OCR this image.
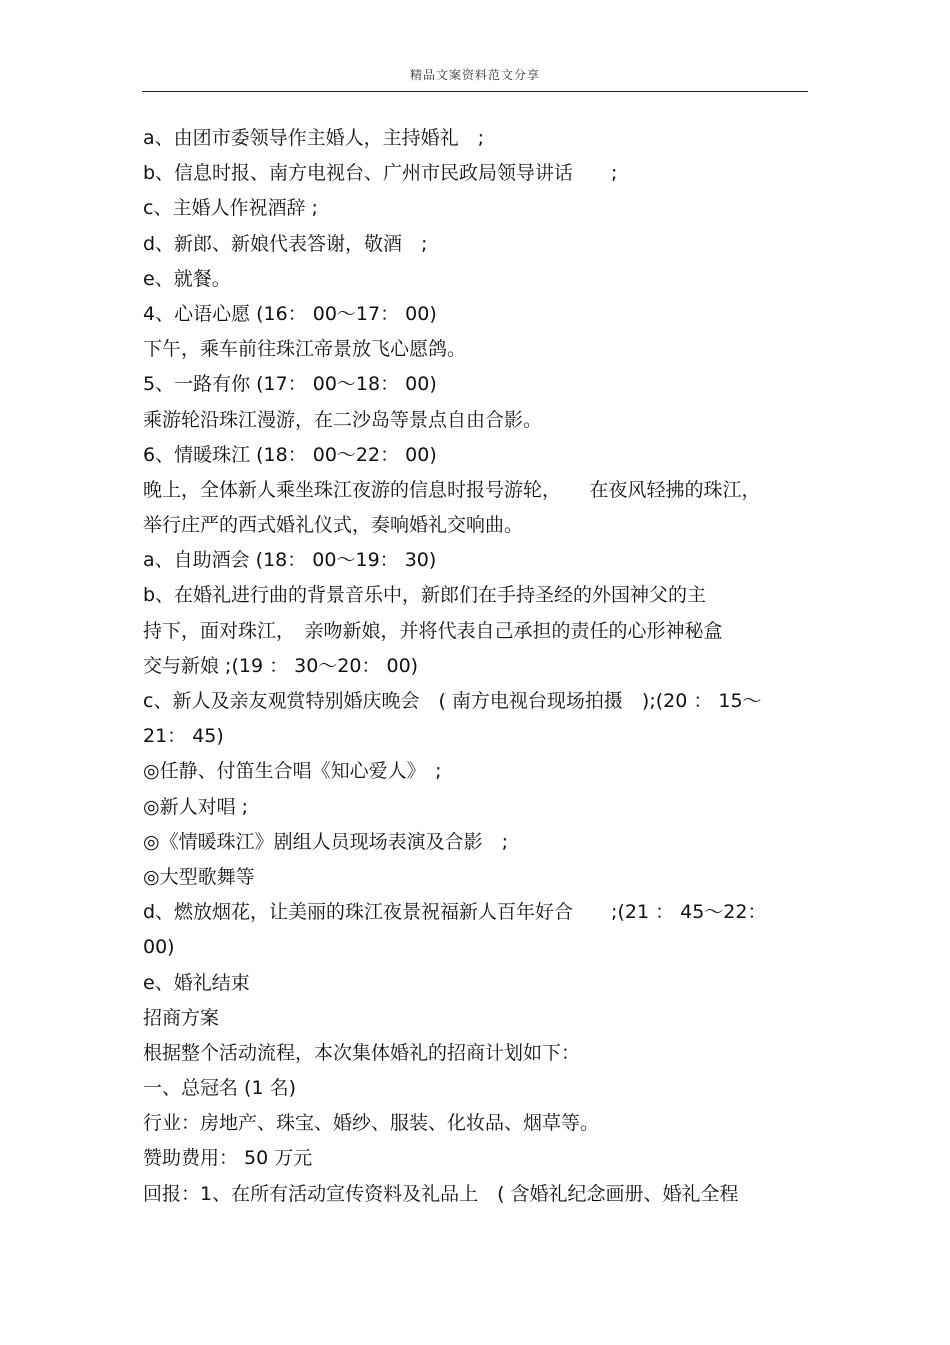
精品文案资料范文分享
a、由团市委领导作主婚人，主持婚礼　;
b、信息时报、南方电视台、广州市民政局领导讲话　　;
c、主婚人作祝酒辞 ;
d、新郎、新娘代表答谢，敬酒　;
e、就餐。
4、心语心愿 (16： 00～17： 00)
下午，乘车前往珠江帝景放飞心愿鸽。
5、一路有你 (17： 00～18： 00)
乘游轮沿珠江漫游，在二沙岛等景点自由合影。
6、情暖珠江 (18： 00～22： 00)
晚上，全体新人乘坐珠江夜游的信息时报号游轮，　　在夜风轻拂的珠江，
举行庄严的西式婚礼仪式，奏响婚礼交响曲。
a、自助酒会 (18： 00～19： 30)
b、在婚礼进行曲的背景音乐中，新郎们在手持圣经的外国神父的主
持下，面对珠江，　亲吻新娘，并将代表自己承担的责任的心形神秘盒
交与新娘 ;(19 ： 30～20： 00)
c、新人及亲友观赏特别婚庆晚会　( 南方电视台现场拍摄　);(20 ： 15～
21： 45)
◎任静、付笛生合唱《知心爱人》　;
◎新人对唱 ;
◎《情暖珠江》剧组人员现场表演及合影　;
◎大型歌舞等
d、燃放烟花，让美丽的珠江夜景祝福新人百年好合　　;(21 ： 45～22：
00)
e、婚礼结束
招商方案
根据整个活动流程，本次集体婚礼的招商计划如下：
一、总冠名 (1 名)
行业：房地产、珠宝、婚纱、服装、化妆品、烟草等。
赞助费用： 50 万元
回报：1、在所有活动宣传资料及礼品上　( 含婚礼纪念画册、婚礼全程
